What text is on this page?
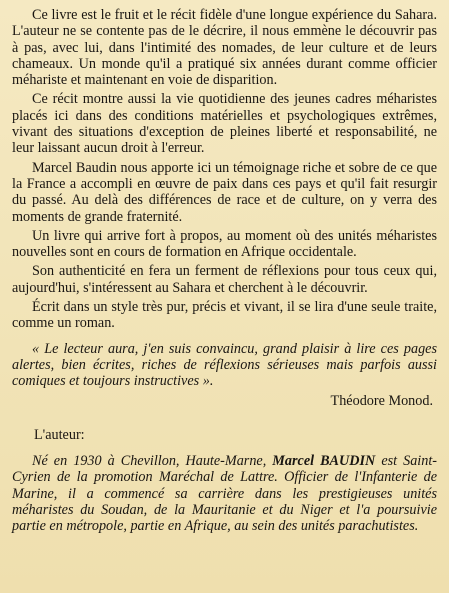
Ce livre est le fruit et le récit fidèle d'une longue expérience du Sahara. L'auteur ne se contente pas de le décrire, il nous emmène le découvrir pas à pas, avec lui, dans l'intimité des nomades, de leur culture et de leurs chameaux. Un monde qu'il a pratiqué six années durant comme officier méhariste et maintenant en voie de disparition.

Ce récit montre aussi la vie quotidienne des jeunes cadres méharistes placés ici dans des conditions matérielles et psychologiques extrêmes, vivant des situations d'exception de pleines liberté et responsabilité, ne leur laissant aucun droit à l'erreur.

Marcel Baudin nous apporte ici un témoignage riche et sobre de ce que la France a accompli en œuvre de paix dans ces pays et qu'il fait resurgir du passé. Au delà des différences de race et de culture, on y verra des moments de grande fraternité.

Un livre qui arrive fort à propos, au moment où des unités méharistes nouvelles sont en cours de formation en Afrique occidentale.

Son authenticité en fera un ferment de réflexions pour tous ceux qui, aujourd'hui, s'intéressent au Sahara et cherchent à le découvrir.

Écrit dans un style très pur, précis et vivant, il se lira d'une seule traite, comme un roman.

« Le lecteur aura, j'en suis convaincu, grand plaisir à lire ces pages alertes, bien écrites, riches de réflexions sérieuses mais parfois aussi comiques et toujours instructives ».

Théodore Monod.
L'auteur:

Né en 1930 à Chevillon, Haute-Marne, Marcel BAUDIN est Saint-Cyrien de la promotion Maréchal de Lattre. Officier de l'Infanterie de Marine, il a commencé sa carrière dans les prestigieuses unités méharistes du Soudan, de la Mauritanie et du Niger et l'a poursuivie partie en métropole, partie en Afrique, au sein des unités parachutistes.
